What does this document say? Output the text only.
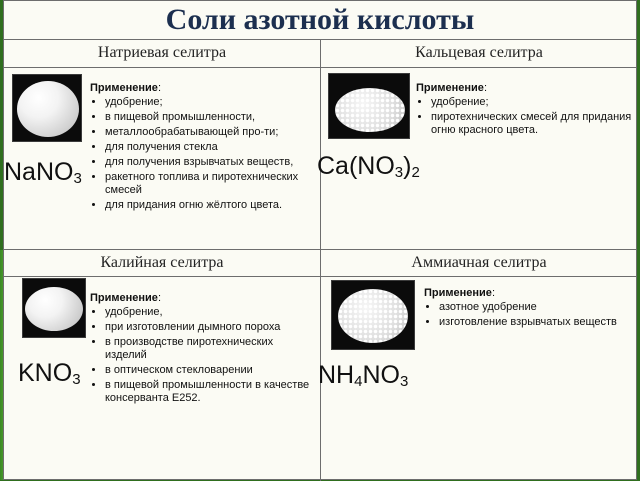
Соли азотной кислоты
Натриевая селитра	Кальцевая селитра
Калийная селитра	Аммиачная селитра
NaNO$_3$
Применение:
• удобрение;
• в пищевой промышленности,
• металлообрабатывающей про-ти;
• для получения стекла
• для получения взрывчатых веществ,
• ракетного топлива и пиротехнических смесей
• для придания огню жёлтого цвета.
$Ca(NO_3)_2$
Применение:
• удобрение;
• пиротехнических смесей для придания огню красного цвета.
$KNO_3$
Применение:
• удобрение,
• при изготовлении дымного пороха
• в производстве пиротехнических изделий
• в оптическом стекловарении
• в пищевой промышленности в качестве консерванта Е252.
$NH_4NO_3$
Применение:
• азотное удобрение
• изготовление взрывчатых веществ
